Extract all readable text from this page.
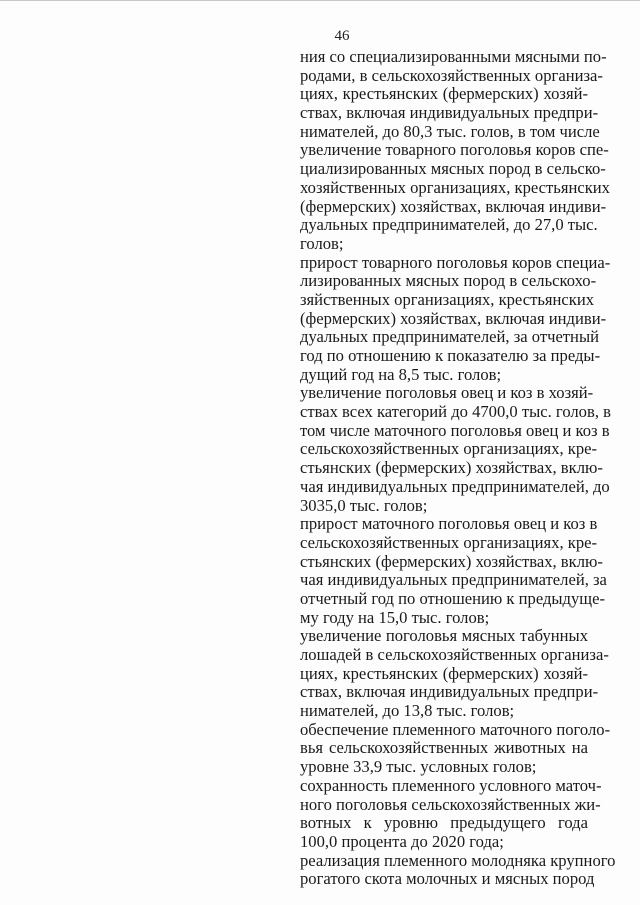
46
ния со специализированными мясными по-
родами, в сельскохозяйственных организа-
циях, крестьянских (фермерских) хозяй-
ствах, включая индивидуальных предпри-
нимателей, до 80,3 тыс. голов, в том числе
увеличение товарного поголовья коров спе-
циализированных мясных пород в сельско-
хозяйственных организациях, крестьянских
(фермерских) хозяйствах, включая индиви-
дуальных предпринимателей, до 27,0 тыс.
голов;
прирост товарного поголовья коров специа-
лизированных мясных пород в сельскохо-
зяйственных организациях, крестьянских
(фермерских) хозяйствах, включая индиви-
дуальных предпринимателей, за отчетный
год по отношению к показателю за преды-
дущий год на 8,5 тыс. голов;
увеличение поголовья овец и коз в хозяй-
ствах всех категорий до 4700,0 тыс. голов, в
том числе маточного поголовья овец и коз в
сельскохозяйственных организациях, кре-
стьянских (фермерских) хозяйствах, вклю-
чая индивидуальных предпринимателей, до
3035,0 тыс. голов;
прирост маточного поголовья овец и коз в
сельскохозяйственных организациях, кре-
стьянских (фермерских) хозяйствах, вклю-
чая индивидуальных предпринимателей, за
отчетный год по отношению к предыдуще-
му году на 15,0 тыс. голов;
увеличение поголовья мясных табунных
лошадей в сельскохозяйственных организа-
циях, крестьянских (фермерских) хозяй-
ствах, включая индивидуальных предпри-
нимателей, до 13,8 тыс. голов;
обеспечение племенного маточного поголо-
вья сельскохозяйственных животных на
уровне 33,9 тыс. условных голов;
сохранность племенного условного маточ-
ного поголовья сельскохозяйственных жи-
вотных к уровню предыдущего года
100,0 процента до 2020 года;
реализация племенного молодняка крупного
рогатого скота молочных и мясных пород
